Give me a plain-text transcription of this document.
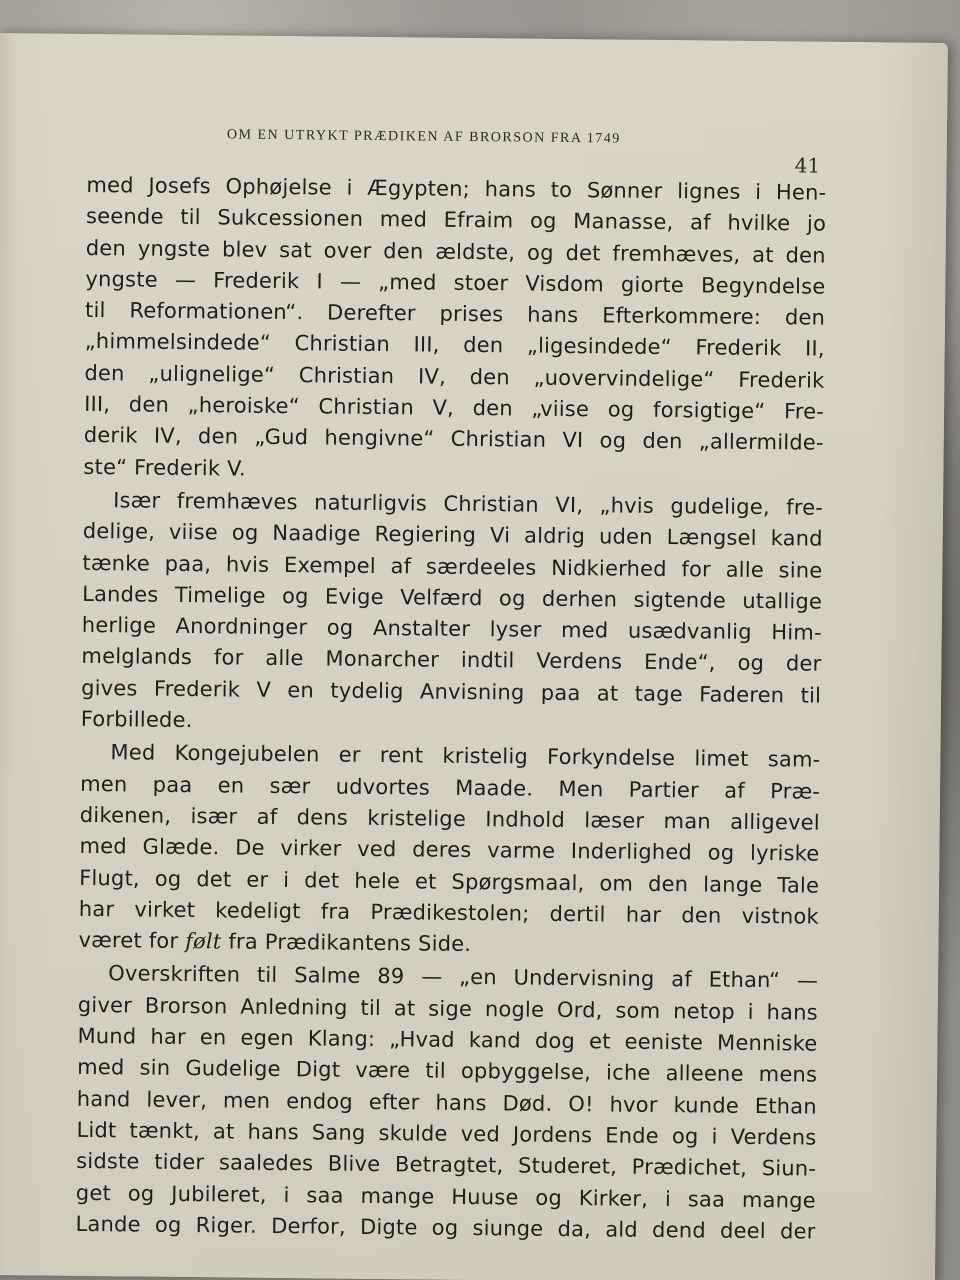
OM EN UTRYKT PRÆDIKEN AF BRORSON FRA 1749
41
med Josefs Ophøjelse i Ægypten; hans to Sønner lignes i Hen-
seende til Sukcessionen med Efraim og Manasse, af hvilke jo
den yngste blev sat over den ældste, og det fremhæves, at den
yngste — Frederik I — „med stoer Visdom giorte Begyndelse
til Reformationen“. Derefter prises hans Efterkommere: den
„himmelsindede“ Christian III, den „ligesindede“ Frederik II,
den „ulignelige“ Christian IV, den „uovervindelige“ Frederik
III, den „heroiske“ Christian V, den „viise og forsigtige“ Fre-
derik IV, den „Gud hengivne“ Christian VI og den „allermilde-
ste“ Frederik V.
Især fremhæves naturligvis Christian VI, „hvis gudelige, fre-
delige, viise og Naadige Regiering Vi aldrig uden Længsel kand
tænke paa, hvis Exempel af særdeeles Nidkierhed for alle sine
Landes Timelige og Evige Velfærd og derhen sigtende utallige
herlige Anordninger og Anstalter lyser med usædvanlig Him-
melglands for alle Monarcher indtil Verdens Ende“, og der
gives Frederik V en tydelig Anvisning paa at tage Faderen til
Forbillede.
Med Kongejubelen er rent kristelig Forkyndelse limet sam-
men paa en sær udvortes Maade. Men Partier af Præ-
dikenen, især af dens kristelige Indhold læser man alligevel
med Glæde. De virker ved deres varme Inderlighed og lyriske
Flugt, og det er i det hele et Spørgsmaal, om den lange Tale
har virket kedeligt fra Prædikestolen; dertil har den vistnok
været for følt fra Prædikantens Side.
Overskriften til Salme 89 — „en Undervisning af Ethan“ —
giver Brorson Anledning til at sige nogle Ord, som netop i hans
Mund har en egen Klang: „Hvad kand dog et eeniste Menniske
med sin Gudelige Digt være til opbyggelse, iche alleene mens
hand lever, men endog efter hans Død. O! hvor kunde Ethan
Lidt tænkt, at hans Sang skulde ved Jordens Ende og i Verdens
sidste tider saaledes Blive Betragtet, Studeret, Prædichet, Siun-
get og Jubileret, i saa mange Huuse og Kirker, i saa mange
Lande og Riger. Derfor, Digte og siunge da, ald dend deel der
